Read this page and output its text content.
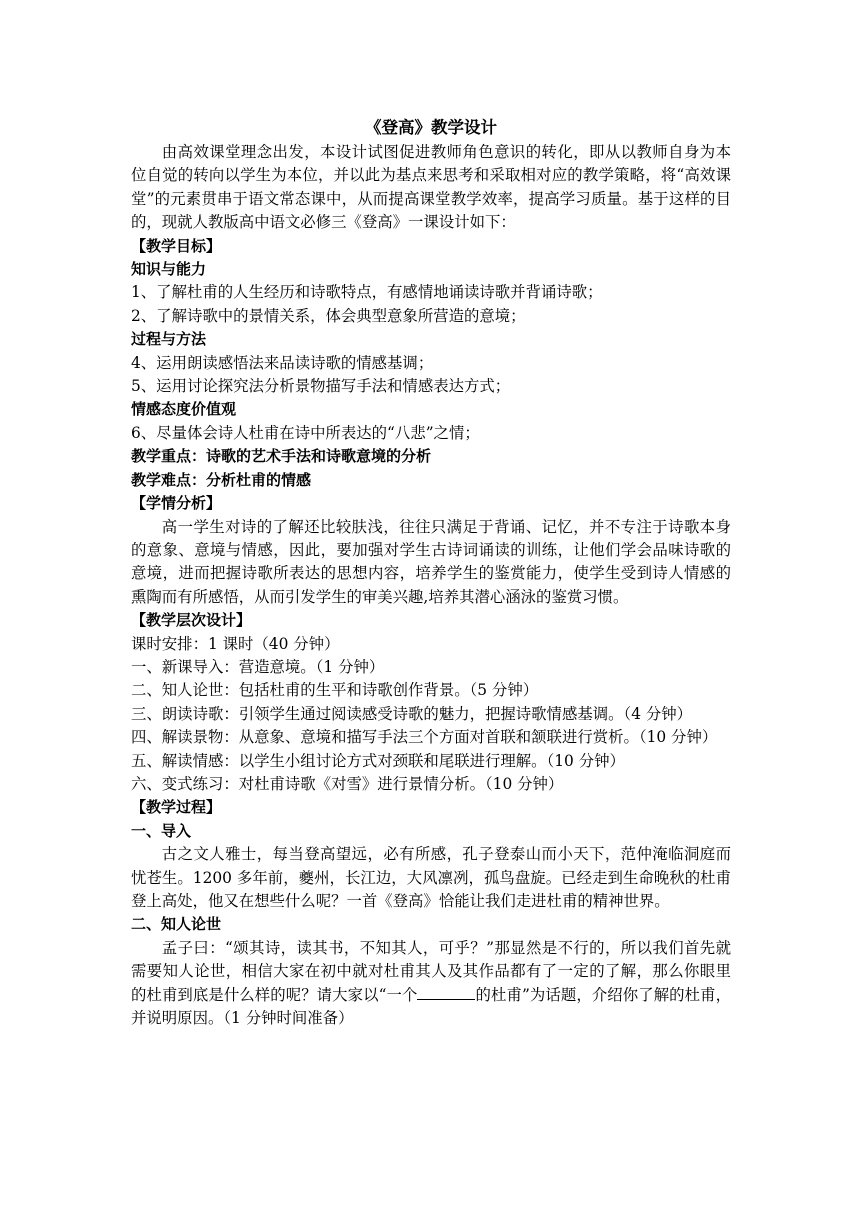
《登高》教学设计

由高效课堂理念出发，本设计试图促进教师角色意识的转化，即从以教师自身为本位自觉的转向以学生为本位，并以此为基点来思考和采取相对应的教学策略，将“高效课堂”的元素贯串于语文常态课中，从而提高课堂教学效率，提高学习质量。基于这样的目的，现就人教版高中语文必修三《登高》一课设计如下：

【教学目标】

知识与能力

1、了解杜甫的人生经历和诗歌特点，有感情地诵读诗歌并背诵诗歌；

2、了解诗歌中的景情关系，体会典型意象所营造的意境；

过程与方法

4、运用朗读感悟法来品读诗歌的情感基调；

5、运用讨论探究法分析景物描写手法和情感表达方式；

情感态度价值观

6、尽量体会诗人杜甫在诗中所表达的“八悲”之情；

教学重点：诗歌的艺术手法和诗歌意境的分析

教学难点：分析杜甫的情感

【学情分析】

高一学生对诗的了解还比较肤浅，往往只满足于背诵、记忆，并不专注于诗歌本身的意象、意境与情感，因此，要加强对学生古诗词诵读的训练，让他们学会品味诗歌的意境，进而把握诗歌所表达的思想内容，培养学生的鉴赏能力，使学生受到诗人情感的熏陶而有所感悟，从而引发学生的审美兴趣,培养其潜心涵泳的鉴赏习惯。

【教学层次设计】

课时安排：1 课时（40 分钟）

一、新课导入：营造意境。（1 分钟）

二、知人论世：包括杜甫的生平和诗歌创作背景。（5 分钟）

三、朗读诗歌：引领学生通过阅读感受诗歌的魅力，把握诗歌情感基调。（4 分钟）

四、解读景物：从意象、意境和描写手法三个方面对首联和颔联进行赏析。（10 分钟）

五、解读情感：以学生小组讨论方式对颈联和尾联进行理解。（10 分钟）

六、变式练习：对杜甫诗歌《对雪》进行景情分析。（10 分钟）

【教学过程】

一、导入

古之文人雅士，每当登高望远，必有所感，孔子登泰山而小天下，范仲淹临洞庭而忧苍生。1200 多年前，夔州，长江边，大风凛冽，孤鸟盘旋。已经走到生命晚秋的杜甫登上高处，他又在想些什么呢？一首《登高》恰能让我们走进杜甫的精神世界。

二、知人论世

孟子曰：“颂其诗，读其书，不知其人，可乎？”那显然是不行的，所以我们首先就需要知人论世，相信大家在初中就对杜甫其人及其作品都有了一定的了解，那么你眼里的杜甫到底是什么样的呢？请大家以“一个	的杜甫”为话题，介绍你了解的杜甫，并说明原因。（1 分钟时间准备）
